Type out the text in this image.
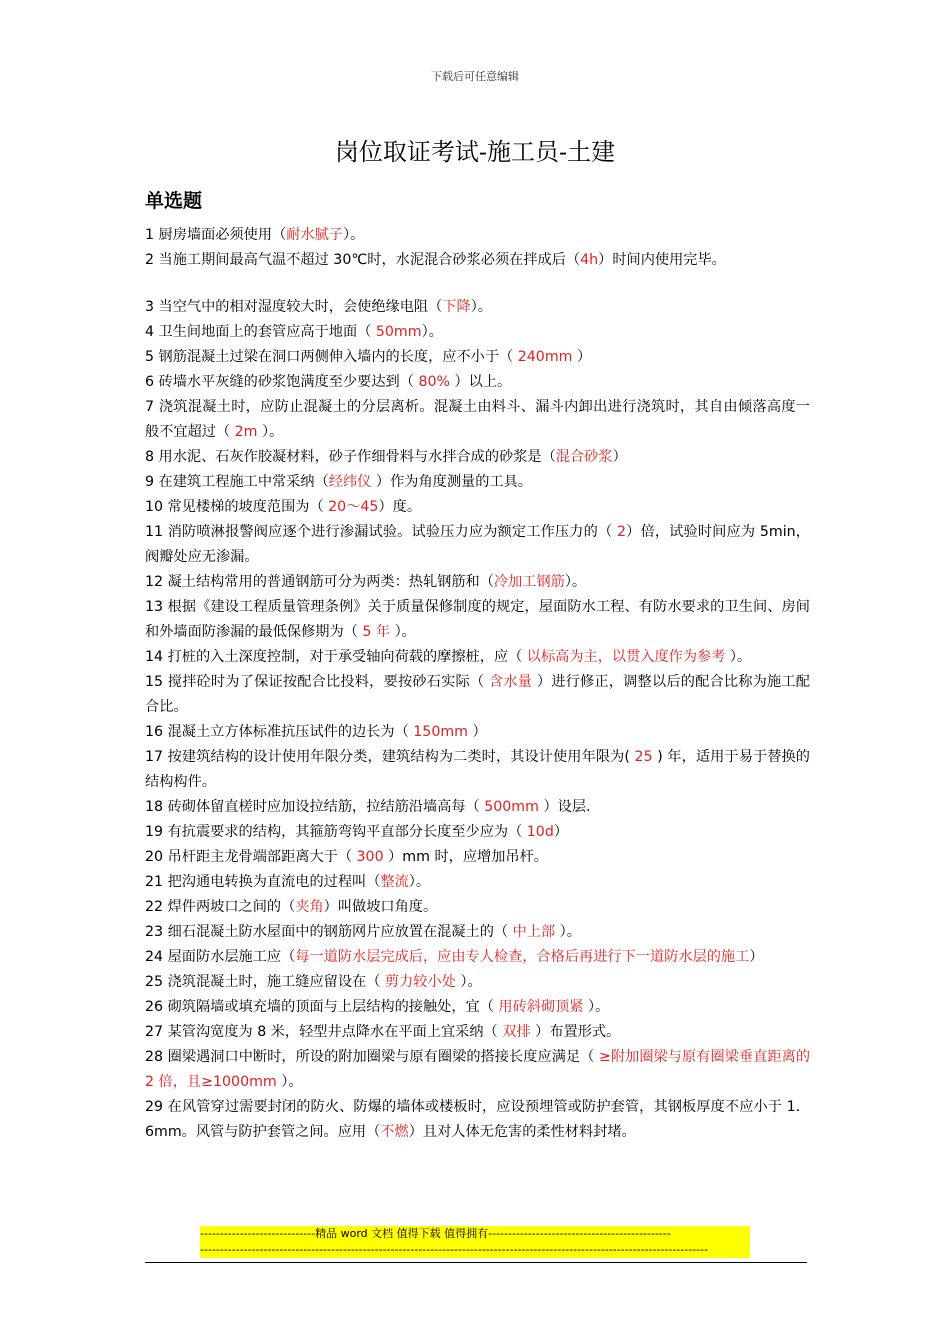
下载后可任意编辑
岗位取证考试-施工员-土建
单选题

1 厨房墙面必须使用（耐水腻子）。

2 当施工期间最高气温不超过 30℃时，水泥混合砂浆必须在拌成后（4h）时间内使用完毕。

3 当空气中的相对湿度较大时，会使绝缘电阻（下降）。

4 卫生间地面上的套管应高于地面（ 50mm）。

5 钢筋混凝土过梁在洞口两侧伸入墙内的长度，应不小于（ 240mm ）

6 砖墙水平灰缝的砂浆饱满度至少要达到（ 80% ）以上。

7 浇筑混凝土时，应防止混凝土的分层离析。混凝土由料斗、漏斗内卸出进行浇筑时，其自由倾落高度一般不宜超过（ 2m ）。

8 用水泥、石灰作胶凝材料，砂子作细骨料与水拌合成的砂浆是（混合砂浆）

9 在建筑工程施工中常采纳（经纬仪 ）作为角度测量的工具。

10 常见楼梯的坡度范围为（ 20～45）度。

11 消防喷淋报警阀应逐个进行渗漏试验。试验压力应为额定工作压力的（ 2）倍，试验时间应为 5min，阀瓣处应无渗漏。

12 凝土结构常用的普通钢筋可分为两类：热轧钢筋和（冷加工钢筋）。

13 根据《建设工程质量管理条例》关于质量保修制度的规定，屋面防水工程、有防水要求的卫生间、房间和外墙面防渗漏的最低保修期为（ 5 年 ）。

14 打桩的入土深度控制，对于承受轴向荷载的摩擦桩，应（ 以标高为主，以贯入度作为参考 ）。

15 搅拌砼时为了保证按配合比投料，要按砂石实际（ 含水量 ）进行修正，调整以后的配合比称为施工配合比。

16 混凝土立方体标准抗压试件的边长为（ 150mm ）

17 按建筑结构的设计使用年限分类，建筑结构为二类时，其设计使用年限为( 25 ) 年，适用于易于替换的结构构件。

18 砖砌体留直槎时应加设拉结筋，拉结筋沿墙高每（ 500mm ）设层.

19 有抗震要求的结构，其箍筋弯钩平直部分长度至少应为（ 10d）

20 吊杆距主龙骨端部距离大于（ 300 ）mm 时，应增加吊杆。

21 把沟通电转换为直流电的过程叫（整流）。

22 焊件两坡口之间的（夹角）叫做坡口角度。

23 细石混凝土防水屋面中的钢筋网片应放置在混凝土的（ 中上部 ）。

24 屋面防水层施工应（每一道防水层完成后，应由专人检查，合格后再进行下一道防水层的施工）

25 浇筑混凝土时，施工缝应留设在（ 剪力较小处 ）。

26 砌筑隔墙或填充墙的顶面与上层结构的接触处，宜（ 用砖斜砌顶紧 ）。

27 某管沟宽度为 8 米，轻型井点降水在平面上宜采纳（ 双排 ）布置形式。

28 圈梁遇洞口中断时，所设的附加圈梁与原有圈梁的搭接长度应满足（ ≥附加圈梁与原有圈梁垂直距离的 2 倍，且≥1000mm ）。

29 在风管穿过需要封闭的防火、防爆的墙体或楼板时，应设预埋管或防护套管，其钢板厚度不应小于 1．6mm。风管与防护套管之间。应用（不燃）且对人体无危害的柔性材料封堵。

-----------------------------精品 word 文档 值得下载 值得拥有----------------------------------------------
--------------------------------------------------------------------------------------------------------------------------------
